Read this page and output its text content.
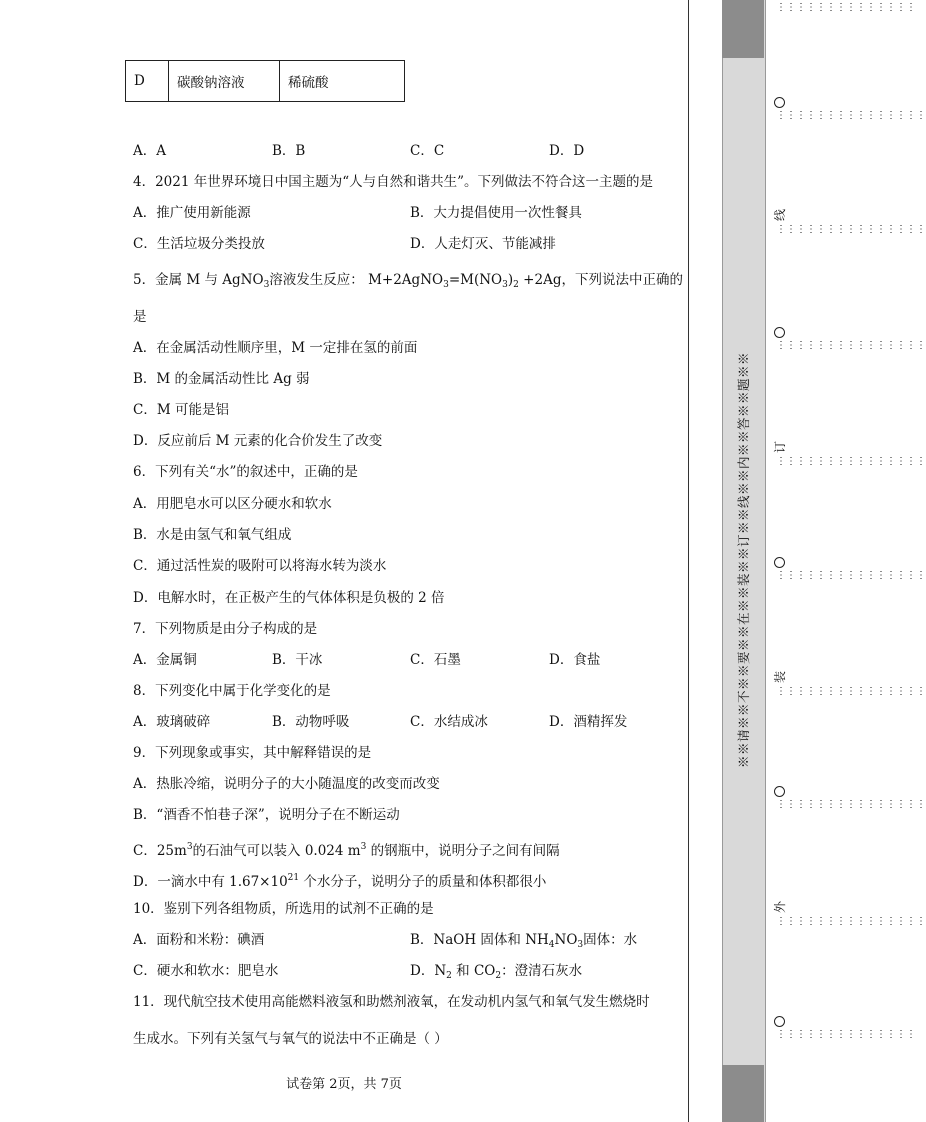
D	碳酸钠溶液	稀硫酸
A．A	B．B	C．C	D．D
4．2021 年世界环境日中国主题为“人与自然和谐共生”。下列做法不符合这一主题的是
A．推广使用新能源	B．大力提倡使用一次性餐具
C．生活垃圾分类投放	D．人走灯灭、节能减排
5．金属 M 与 AgNO$_3$溶液发生反应： $M+2AgNO_3=M(NO_3)_2 +2Ag$，下列说法中正确的
是
A．在金属活动性顺序里，M 一定排在氢的前面
B．M 的金属活动性比 Ag 弱
C．M 可能是铝
D．反应前后 M 元素的化合价发生了改变
6．下列有关“水”的叙述中，正确的是
A．用肥皂水可以区分硬水和软水
B．水是由氢气和氧气组成
C．通过活性炭的吸附可以将海水转为淡水
D．电解水时，在正极产生的气体体积是负极的 2 倍
7．下列物质是由分子构成的是
A．金属铜	B．干冰	C．石墨	D．食盐
8．下列变化中属于化学变化的是
A．玻璃破碎	B．动物呼吸	C．水结成冰	D．酒精挥发
9．下列现象或事实，其中解释错误的是
A．热胀冷缩，说明分子的大小随温度的改变而改变
B．“酒香不怕巷子深”，说明分子在不断运动
C．$25m^3$的石油气可以装入 0.024 $m^3$ 的钢瓶中，说明分子之间有间隔
D．一滴水中有 $1.67\times 10^{21}$ 个水分子，说明分子的质量和体积都很小
10．鉴别下列各组物质，所选用的试剂不正确的是
A．面粉和米粉：碘酒	B．NaOH 固体和 $NH_4NO_3$固体：水
C．硬水和软水：肥皂水	D．$N_2$ 和 $CO_2$：澄清石灰水
11．现代航空技术使用高能燃料液氢和助燃剂液氧，在发动机内氢气和氧气发生燃烧时
生成水。下列有关氢气与氧气的说法中不正确是（ ）
试卷第 2页，共 7页
※※请※※不※※要※※在※※装※※订※※线※※内※※答※※题※※
⋮⋮⋮⋮⋮⋮⋮⋮⋮⋮⋮⋮⋮⋮
⋮⋮⋮⋮⋮⋮⋮⋮⋮⋮⋮⋮⋮⋮⋮
线
⋮⋮⋮⋮⋮⋮⋮⋮⋮⋮⋮⋮⋮⋮⋮
⋮⋮⋮⋮⋮⋮⋮⋮⋮⋮⋮⋮⋮⋮⋮
订
⋮⋮⋮⋮⋮⋮⋮⋮⋮⋮⋮⋮⋮⋮⋮
⋮⋮⋮⋮⋮⋮⋮⋮⋮⋮⋮⋮⋮⋮⋮
装
⋮⋮⋮⋮⋮⋮⋮⋮⋮⋮⋮⋮⋮⋮⋮
⋮⋮⋮⋮⋮⋮⋮⋮⋮⋮⋮⋮⋮⋮⋮
外
⋮⋮⋮⋮⋮⋮⋮⋮⋮⋮⋮⋮⋮⋮⋮
⋮⋮⋮⋮⋮⋮⋮⋮⋮⋮⋮⋮⋮⋮
